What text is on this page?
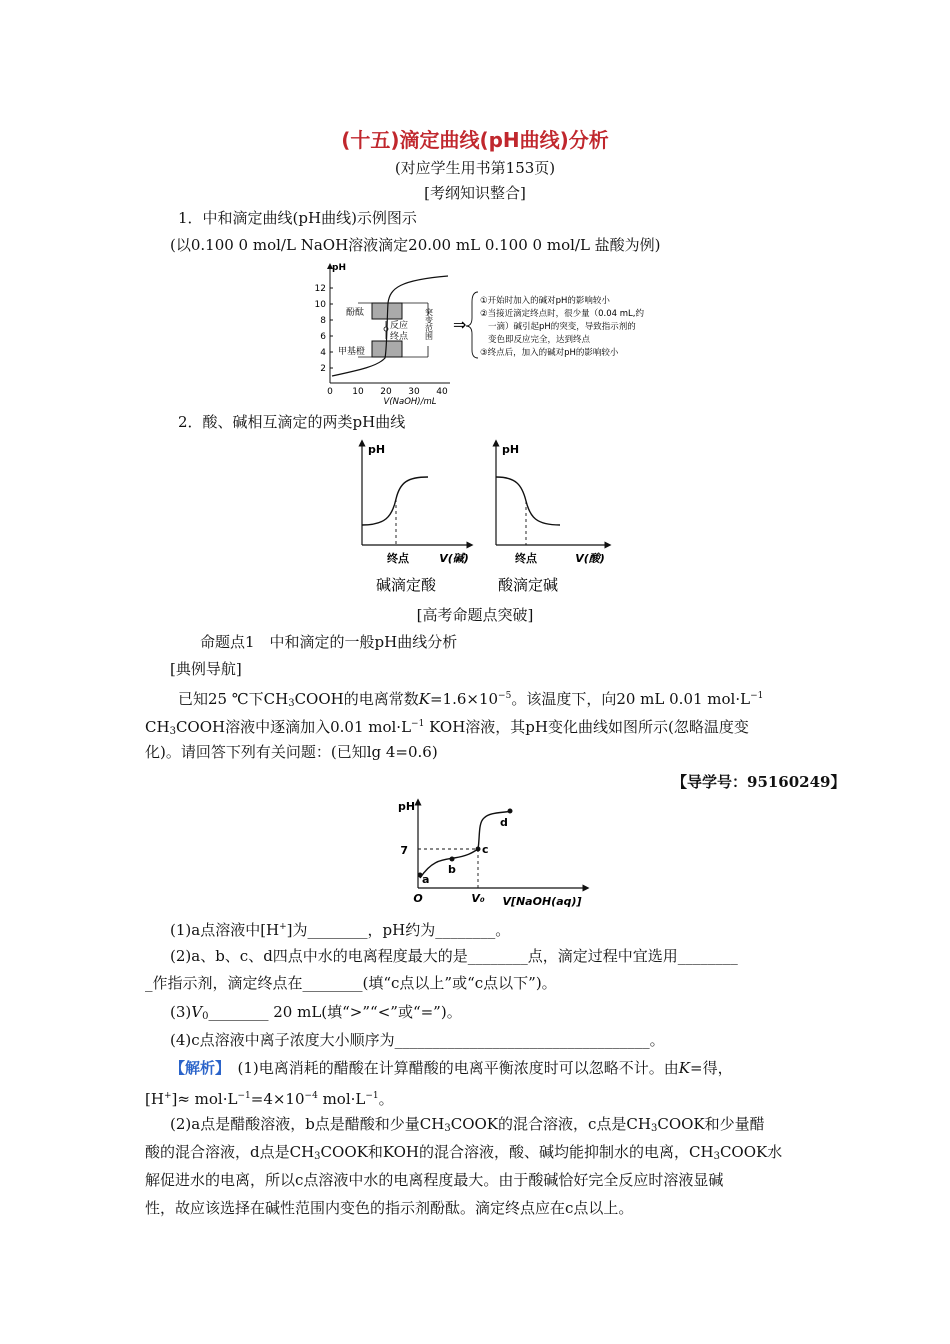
(十五)滴定曲线(pH曲线)分析
(对应学生用书第153页)
[考纲知识整合]
1．中和滴定曲线(pH曲线)示例图示
(以0.100 0 mol/L NaOH溶液滴定20.00 mL 0.100 0 mol/L 盐酸为例)
pH
12
10
8
6
4
2
0 10 20 30 40
V(NaOH)/mL
酚酞
甲基橙
反应
终点 突变范围 ⇒
①开始时加入的碱对pH的影响较小
②当接近滴定终点时，很少量（0.04 mL,约
一滴）碱引起pH的突变，导致指示剂的
变色即反应完全，达到终点
③终点后，加入的碱对pH的影响较小
2．酸、碱相互滴定的两类pH曲线
pH
终点	V(碱)
碱滴定酸
pH
终点	V(酸)
酸滴定碱
[高考命题点突破]
命题点1　中和滴定的一般pH曲线分析
[典例导航]
已知25 ℃下$CH_3COOH$的电离常数$K=1.6\times 10^{-5}$。该温度下，向20 mL 0.01 $mol\cdot L^{-1}$
$CH_3COOH$溶液中逐滴加入0.01 $mol\cdot L^{-1}$ KOH溶液，其pH变化曲线如图所示(忽略温度变
化)。请回答下列有关问题：(已知lg 4=0.6)
【导学号：95160249】
pH
7
O	V₀ V[NaOH(aq)]
a
b
c
d
(1)a点溶液中[H+]为________，pH约为________。
(2)a、b、c、d四点中水的电离程度最大的是________点，滴定过程中宜选用________
_作指示剂，滴定终点在________(填“c点以上”或“c点以下”)。
$(3)V_0\_\_\_\_\_\_\_\_$ 20 mL(填“>”“<”或“=”)。
(4)c点溶液中离子浓度大小顺序为__________________________________。
【解析】　(1)电离消耗的醋酸在计算醋酸的电离平衡浓度时可以忽略不计。由K=得，
$[H^+]\approx mol\cdot L^{-1}=4\times 10^{-4}$ $mol\cdot L^{-1}$。
(2)a点是醋酸溶液，b点是醋酸和少量$CH_3COOK$的混合溶液，c点是$CH_3COOK$和少量醋
酸的混合溶液，d点是$CH_3COOK$和KOH的混合溶液，酸、碱均能抑制水的电离，$CH_3COOK$水
解促进水的电离，所以c点溶液中水的电离程度最大。由于酸碱恰好完全反应时溶液显碱
性，故应该选择在碱性范围内变色的指示剂酚酞。滴定终点应在c点以上。
